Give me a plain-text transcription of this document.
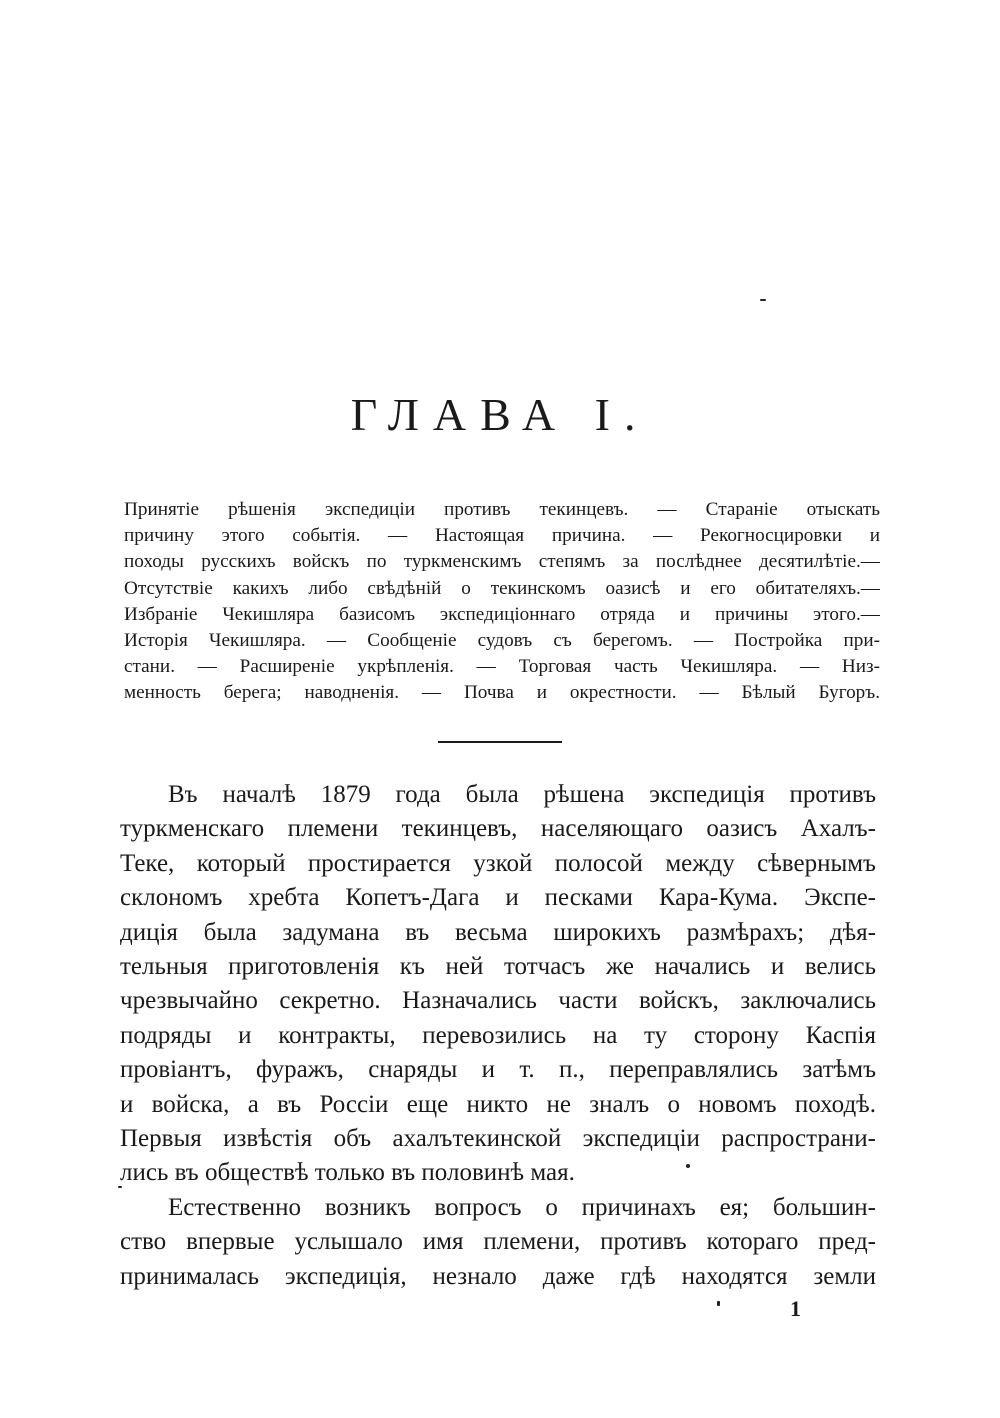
ГЛАВА I.
Принятіе рѣшенія экспедиціи противъ текинцевъ. — Стараніе отыскать
причину этого событія. — Настоящая причина. — Рекогносцировки и
походы русскихъ войскъ по туркменскимъ степямъ за послѣднее десятилѣтіе.—
Отсутствіе какихъ либо свѣдѣній о текинскомъ оазисѣ и его обитателяхъ.—
Избраніе Чекишляра базисомъ экспедиціоннаго отряда и причины этого.—
Исторія Чекишляра. — Сообщеніе судовъ съ берегомъ. — Постройка при-
стани. — Расширеніе укрѣпленія. — Торговая часть Чекишляра. — Низ-
менность берега; наводненія. — Почва и окрестности. — Бѣлый Бугоръ.
Въ началѣ 1879 года была рѣшена экспедиція противъ
туркменскаго племени текинцевъ, населяющаго оазисъ Ахалъ-
Теке, который простирается узкой полосой между сѣвернымъ
склономъ хребта Копетъ-Дага и песками Кара-Кума. Экспе-
диція была задумана въ весьма широкихъ размѣрахъ; дѣя-
тельныя приготовленія къ ней тотчасъ же начались и велись
чрезвычайно секретно. Назначались части войскъ, заключались
подряды и контракты, перевозились на ту сторону Каспія
провіантъ, фуражъ, снаряды и т. п., переправлялись затѣмъ
и войска, а въ Россіи еще никто не зналъ о новомъ походѣ.
Первыя извѣстія объ ахалътекинской экспедиціи распространи-
лись въ обществѣ только въ половинѣ мая.
Естественно возникъ вопросъ о причинахъ ея; большин-
ство впервые услышало имя племени, противъ котораго пред-
принималась экспедиція, незнало даже гдѣ находятся земли

1
